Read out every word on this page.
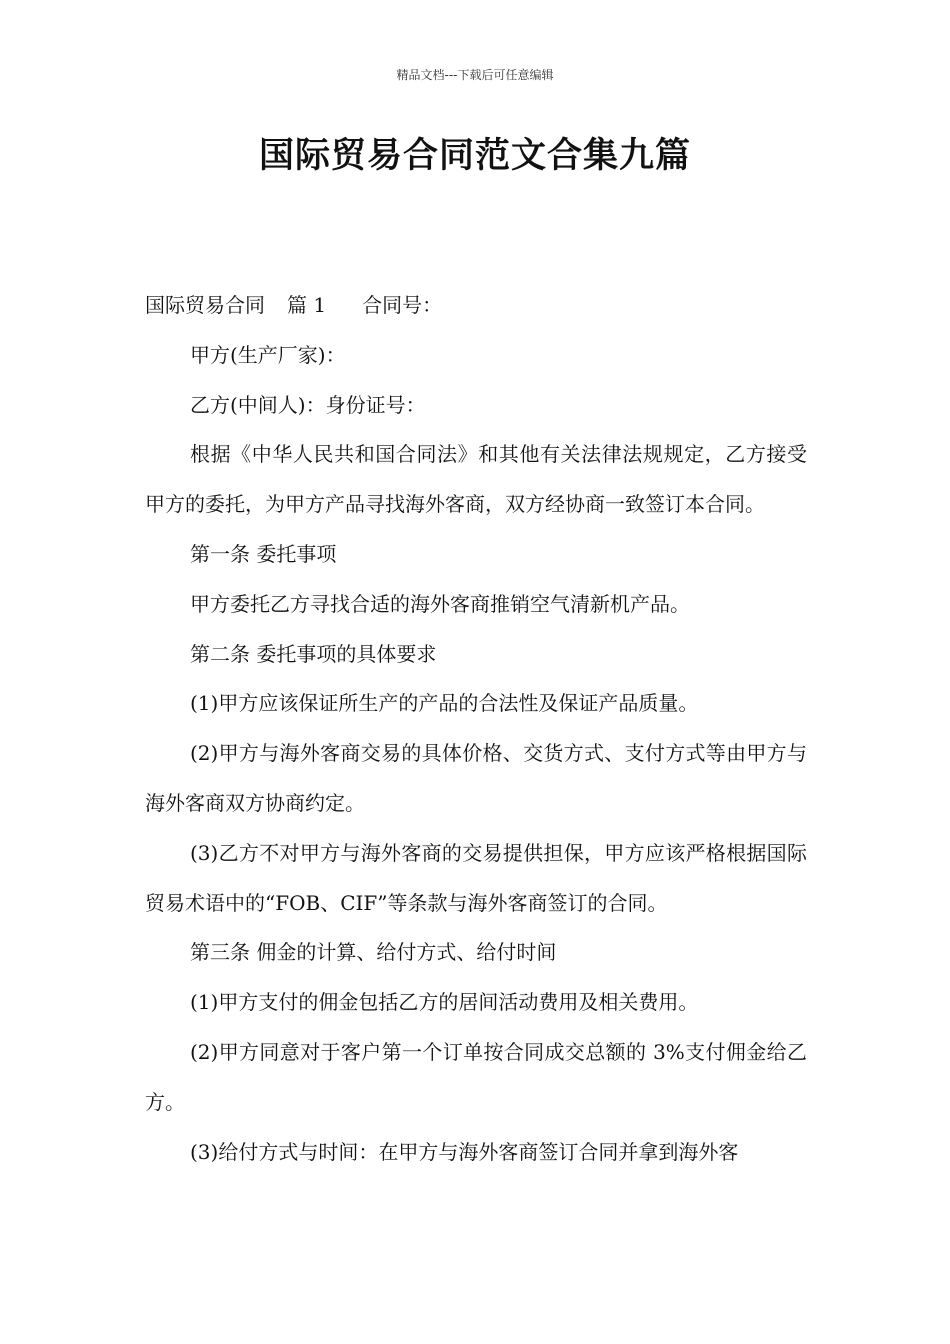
精品文档---下载后可任意编辑
国际贸易合同范文合集九篇

国际贸易合同 篇 1 合同号：

甲方(生产厂家)：

乙方(中间人)：身份证号：

根据《中华人民共和国合同法》和其他有关法律法规规定，乙方接受甲方的委托，为甲方产品寻找海外客商，双方经协商一致签订本合同。

第一条 委托事项

甲方委托乙方寻找合适的海外客商推销空气清新机产品。

第二条 委托事项的具体要求

(1)甲方应该保证所生产的产品的合法性及保证产品质量。

(2)甲方与海外客商交易的具体价格、交货方式、支付方式等由甲方与海外客商双方协商约定。

(3)乙方不对甲方与海外客商的交易提供担保，甲方应该严格根据国际贸易术语中的“FOB、CIF”等条款与海外客商签订的合同。

第三条 佣金的计算、给付方式、给付时间

(1)甲方支付的佣金包括乙方的居间活动费用及相关费用。

(2)甲方同意对于客户第一个订单按合同成交总额的 3%支付佣金给乙方。

(3)给付方式与时间：在甲方与海外客商签订合同并拿到海外客
